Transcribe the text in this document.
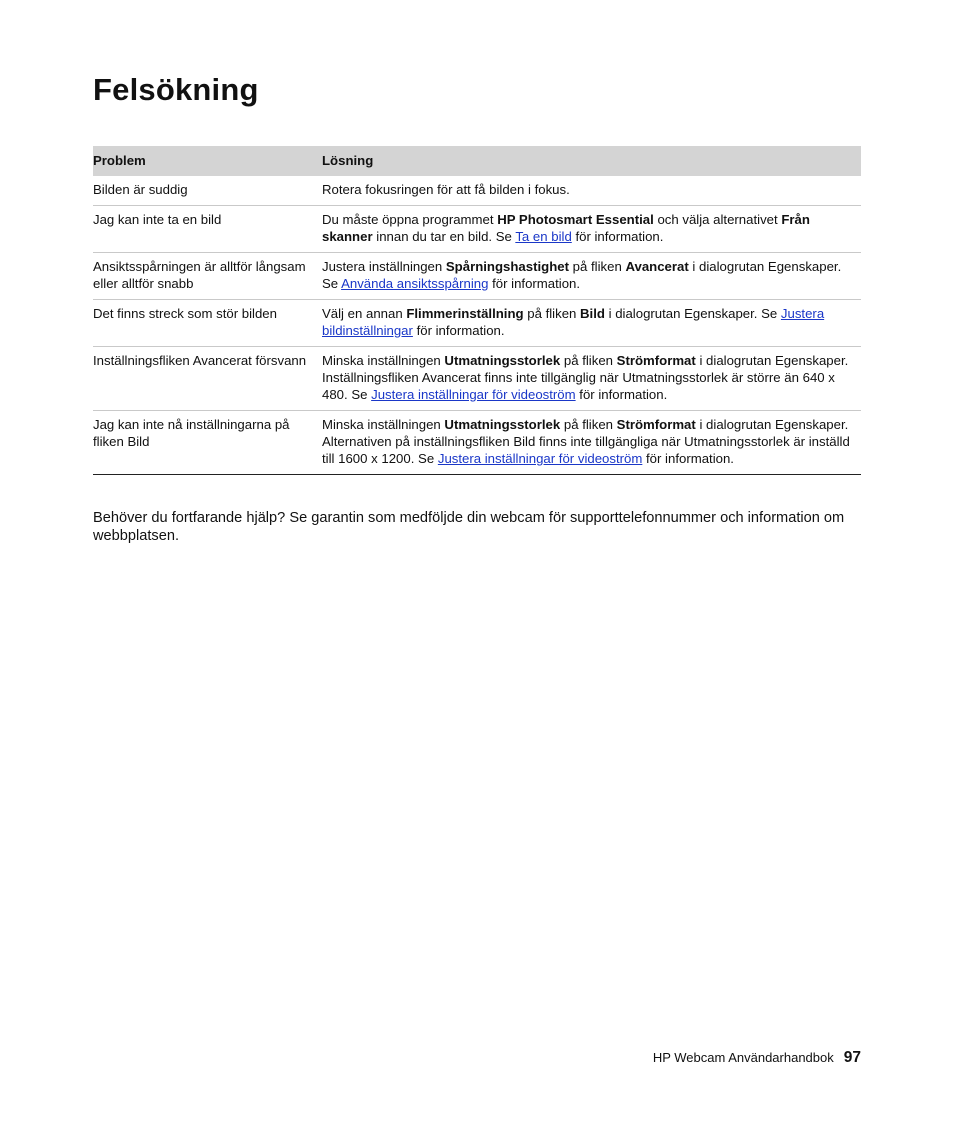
Felsökning
Problem	Lösning
Bilden är suddig	Rotera fokusringen för att få bilden i fokus.
Jag kan inte ta en bild	Du måste öppna programmet HP Photosmart Essential och välja alternativet Från skanner innan du tar en bild. Se Ta en bild för information.
Ansiktsspårningen är alltför långsam eller alltför snabb	Justera inställningen Spårningshastighet på fliken Avancerat i dialogrutan Egenskaper. Se Använda ansiktsspårning för information.
Det finns streck som stör bilden	Välj en annan Flimmerinställning på fliken Bild i dialogrutan Egenskaper. Se Justera bildinställningar för information.
Inställningsfliken Avancerat försvann	Minska inställningen Utmatningsstorlek på fliken Strömformat i dialogrutan Egenskaper. Inställningsfliken Avancerat finns inte tillgänglig när Utmatningsstorlek är större än 640 x 480. Se Justera inställningar för videoström för information.
Jag kan inte nå inställningarna på fliken Bild	Minska inställningen Utmatningsstorlek på fliken Strömformat i dialogrutan Egenskaper. Alternativen på inställningsfliken Bild finns inte tillgängliga när Utmatningsstorlek är inställd till 1600 x 1200. Se Justera inställningar för videoström för information.

Behöver du fortfarande hjälp? Se garantin som medföljde din webcam för supporttelefonnummer och information om webbplatsen.

HP Webcam Användarhandbok 97
